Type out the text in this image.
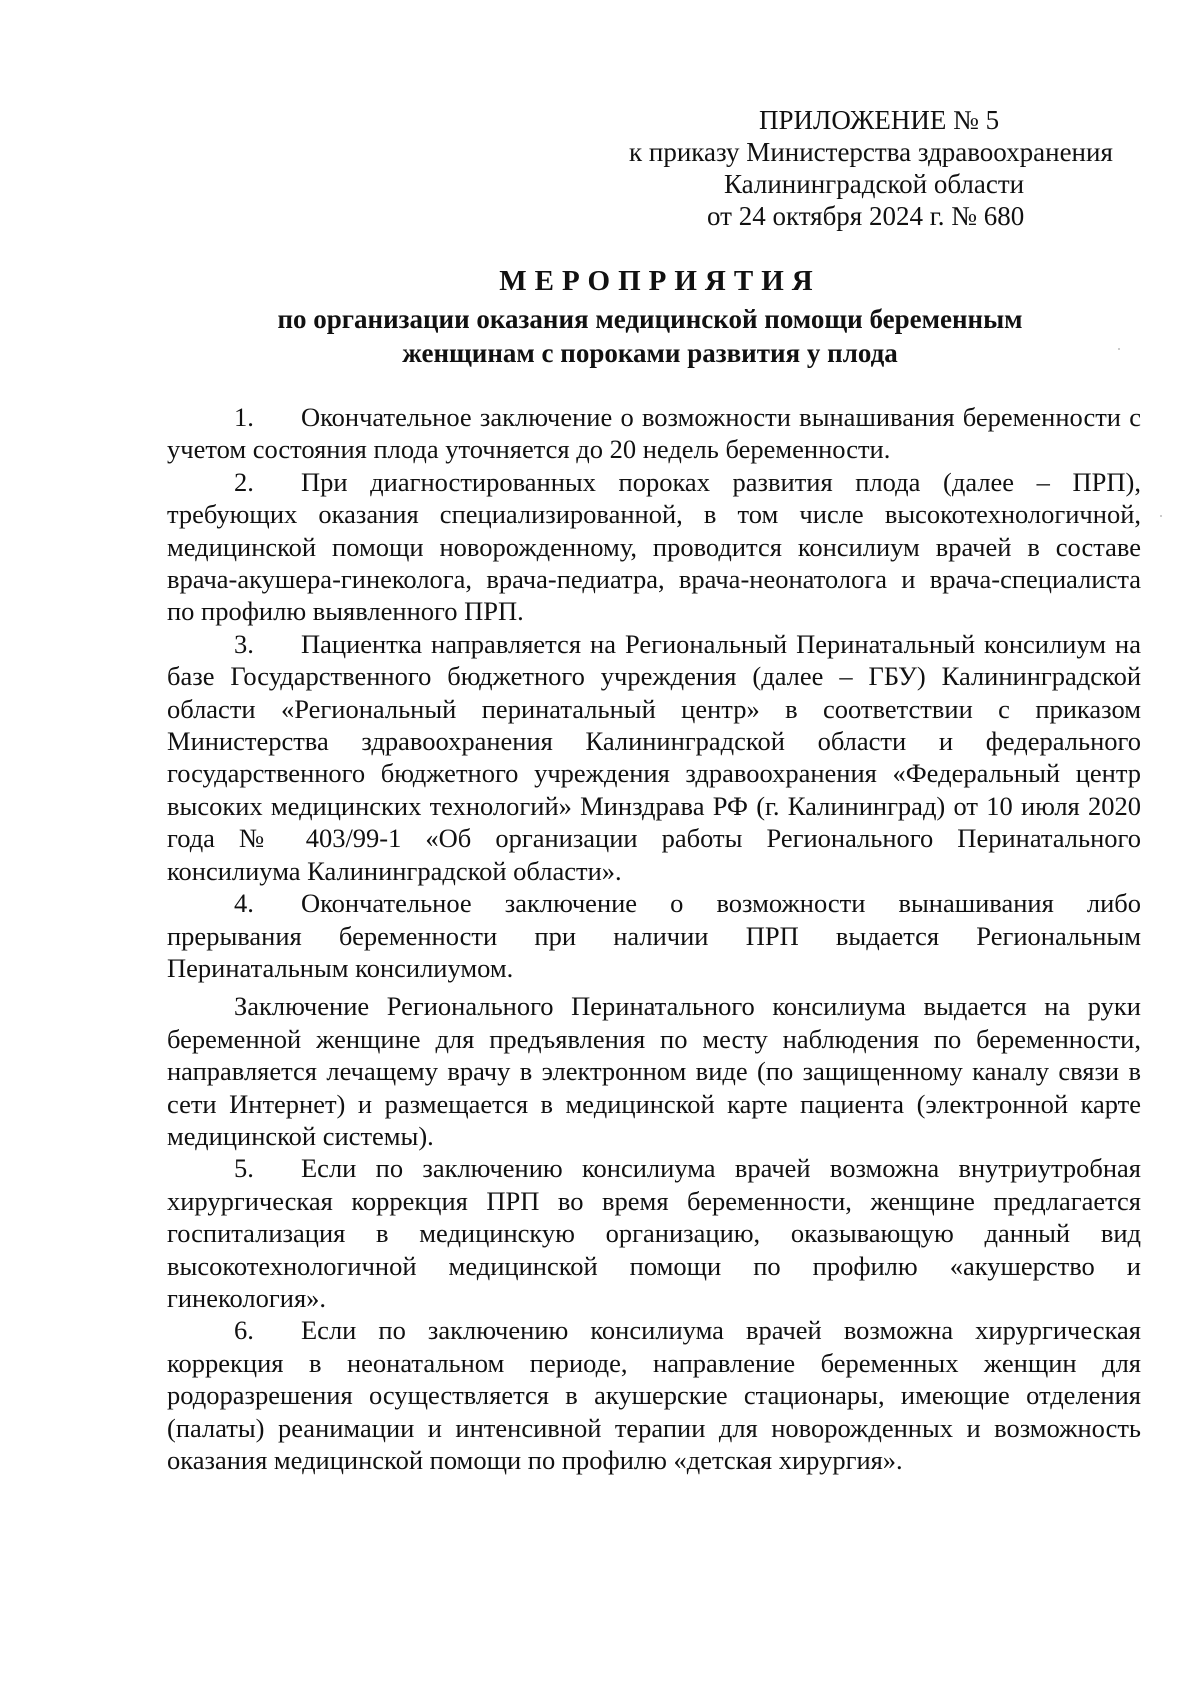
ПРИЛОЖЕНИЕ № 5
к приказу Министерства здравоохранения
Калининградской области
от 24 октября 2024 г. № 680
МЕРОПРИЯТИЯ
по организации оказания медицинской помощи беременным
женщинам с пороками развития у плода

1. Окончательное заключение о возможности вынашивания беременности с учетом состояния плода уточняется до 20 недель беременности.

2. При диагностированных пороках развития плода (далее – ПРП), требующих оказания специализированной, в том числе высокотехнологичной, медицинской помощи новорожденному, проводится консилиум врачей в составе врача-акушера-гинеколога, врача-педиатра, врача-неонатолога и врача-специалиста по профилю выявленного ПРП.

3. Пациентка направляется на Региональный Перинатальный консилиум на базе Государственного бюджетного учреждения (далее – ГБУ) Калининградской области «Региональный перинатальный центр» в соответствии с приказом Министерства здравоохранения Калининградской области и федерального государственного бюджетного учреждения здравоохранения «Федеральный центр высоких медицинских технологий» Минздрава РФ (г. Калининград) от 10 июля 2020 года № 403/99-1 «Об организации работы Регионального Перинатального консилиума Калининградской области».

4. Окончательное заключение о возможности вынашивания либо прерывания беременности при наличии ПРП выдается Региональным Перинатальным консилиумом.

Заключение Регионального Перинатального консилиума выдается на руки беременной женщине для предъявления по месту наблюдения по беременности, направляется лечащему врачу в электронном виде (по защищенному каналу связи в сети Интернет) и размещается в медицинской карте пациента (электронной карте медицинской системы).

5. Если по заключению консилиума врачей возможна внутриутробная хирургическая коррекция ПРП во время беременности, женщине предлагается госпитализация в медицинскую организацию, оказывающую данный вид высокотехнологичной медицинской помощи по профилю «акушерство и гинекология».

6. Если по заключению консилиума врачей возможна хирургическая коррекция в неонатальном периоде, направление беременных женщин для родоразрешения осуществляется в акушерские стационары, имеющие отделения (палаты) реанимации и интенсивной терапии для новорожденных и возможность оказания медицинской помощи по профилю «детская хирургия».
